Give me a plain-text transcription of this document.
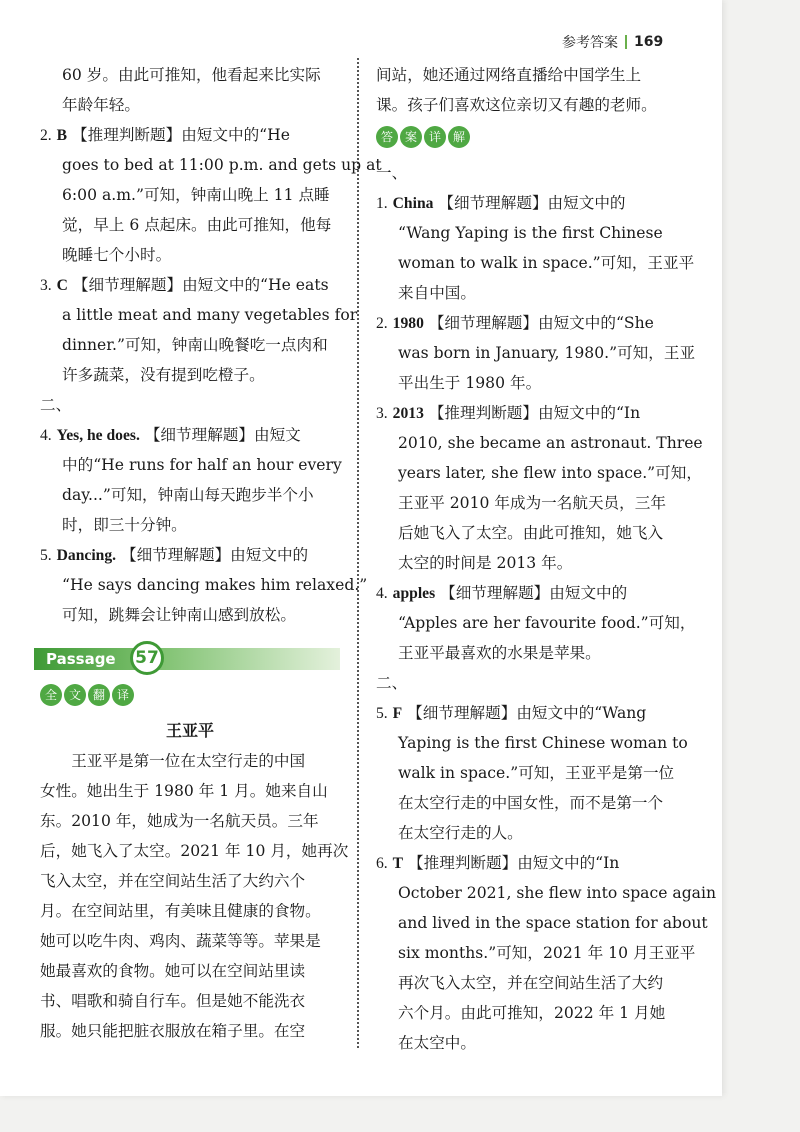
参考答案 169
60 岁。由此可推知，他看起来比实际
年龄年轻。
2. B 【推理判断题】由短文中的“He
goes to bed at 11:00 p.m. and gets up at
6:00 a.m.”可知，钟南山晚上 11 点睡
觉，早上 6 点起床。由此可推知，他每
晚睡七个小时。
3. C 【细节理解题】由短文中的“He eats
a little meat and many vegetables for
dinner.”可知，钟南山晚餐吃一点肉和
许多蔬菜，没有提到吃橙子。
二、
4. Yes, he does. 【细节理解题】由短文
中的“He runs for half an hour every
day...”可知，钟南山每天跑步半个小
时，即三十分钟。
5. Dancing. 【细节理解题】由短文中的
“He says dancing makes him relaxed.”
可知，跳舞会让钟南山感到放松。
Passage	57
全 文 翻 译
王亚平
王亚平是第一位在太空行走的中国
女性。她出生于 1980 年 1 月。她来自山
东。2010 年，她成为一名航天员。三年
后，她飞入了太空。2021 年 10 月，她再次
飞入太空，并在空间站生活了大约六个
月。在空间站里，有美味且健康的食物。
她可以吃牛肉、鸡肉、蔬菜等等。苹果是
她最喜欢的食物。她可以在空间站里读
书、唱歌和骑自行车。但是她不能洗衣
服。她只能把脏衣服放在箱子里。在空
间站，她还通过网络直播给中国学生上
课。孩子们喜欢这位亲切又有趣的老师。
答 案 详 解
一、
1. China 【细节理解题】由短文中的
“Wang Yaping is the first Chinese
woman to walk in space.”可知，王亚平
来自中国。
2. 1980 【细节理解题】由短文中的“She
was born in January, 1980.”可知，王亚
平出生于 1980 年。
3. 2013 【推理判断题】由短文中的“In
2010, she became an astronaut. Three
years later, she flew into space.”可知，
王亚平 2010 年成为一名航天员，三年
后她飞入了太空。由此可推知，她飞入
太空的时间是 2013 年。
4. apples 【细节理解题】由短文中的
“Apples are her favourite food.”可知，
王亚平最喜欢的水果是苹果。
二、
5. F 【细节理解题】由短文中的“Wang
Yaping is the first Chinese woman to
walk in space.”可知，王亚平是第一位
在太空行走的中国女性，而不是第一个
在太空行走的人。
6. T 【推理判断题】由短文中的“In
October 2021, she flew into space again
and lived in the space station for about
six months.”可知，2021 年 10 月王亚平
再次飞入太空，并在空间站生活了大约
六个月。由此可推知，2022 年 1 月她
在太空中。
